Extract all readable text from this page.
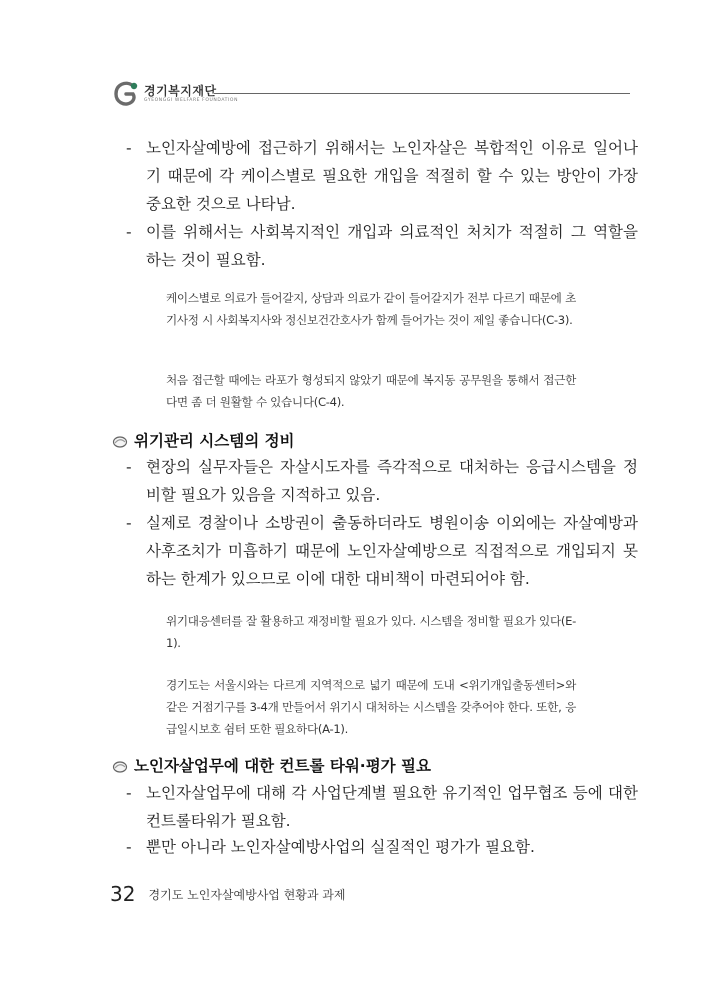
경기복지재단
GYEONGGI WELFARE FOUNDATION
- 노인자살예방에 접근하기 위해서는 노인자살은 복합적인 이유로 일어나기 때문에 각 케이스별로 필요한 개입을 적절히 할 수 있는 방안이 가장 중요한 것으로 나타남.
- 이를 위해서는 사회복지적인 개입과 의료적인 처치가 적절히 그 역할을 하는 것이 필요함.
케이스별로 의료가 들어갈지, 상담과 의료가 같이 들어갈지가 전부 다르기 때문에 초기사정 시 사회복지사와 정신보건간호사가 함께 들어가는 것이 제일 좋습니다(C-3).
처음 접근할 때에는 라포가 형성되지 않았기 때문에 복지동 공무원을 통해서 접근한다면 좀 더 원활할 수 있습니다(C-4).
위기관리 시스템의 정비
- 현장의 실무자들은 자살시도자를 즉각적으로 대처하는 응급시스템을 정비할 필요가 있음을 지적하고 있음.
- 실제로 경찰이나 소방권이 출동하더라도 병원이송 이외에는 자살예방과 사후조치가 미흡하기 때문에 노인자살예방으로 직접적으로 개입되지 못하는 한계가 있으므로 이에 대한 대비책이 마련되어야 함.
위기대응센터를 잘 활용하고 재정비할 필요가 있다. 시스템을 정비할 필요가 있다(E-1).
경기도는 서울시와는 다르게 지역적으로 넓기 때문에 도내 <위기개입출동센터>와 같은 거점기구를 3-4개 만들어서 위기시 대처하는 시스템을 갖추어야 한다. 또한, 응급일시보호 쉼터 또한 필요하다(A-1).
노인자살업무에 대한 컨트롤 타워·평가 필요
- 노인자살업무에 대해 각 사업단계별 필요한 유기적인 업무협조 등에 대한 컨트롤타워가 필요함.
- 뿐만 아니라 노인자살예방사업의 실질적인 평가가 필요함.
32 경기도 노인자살예방사업 현황과 과제
